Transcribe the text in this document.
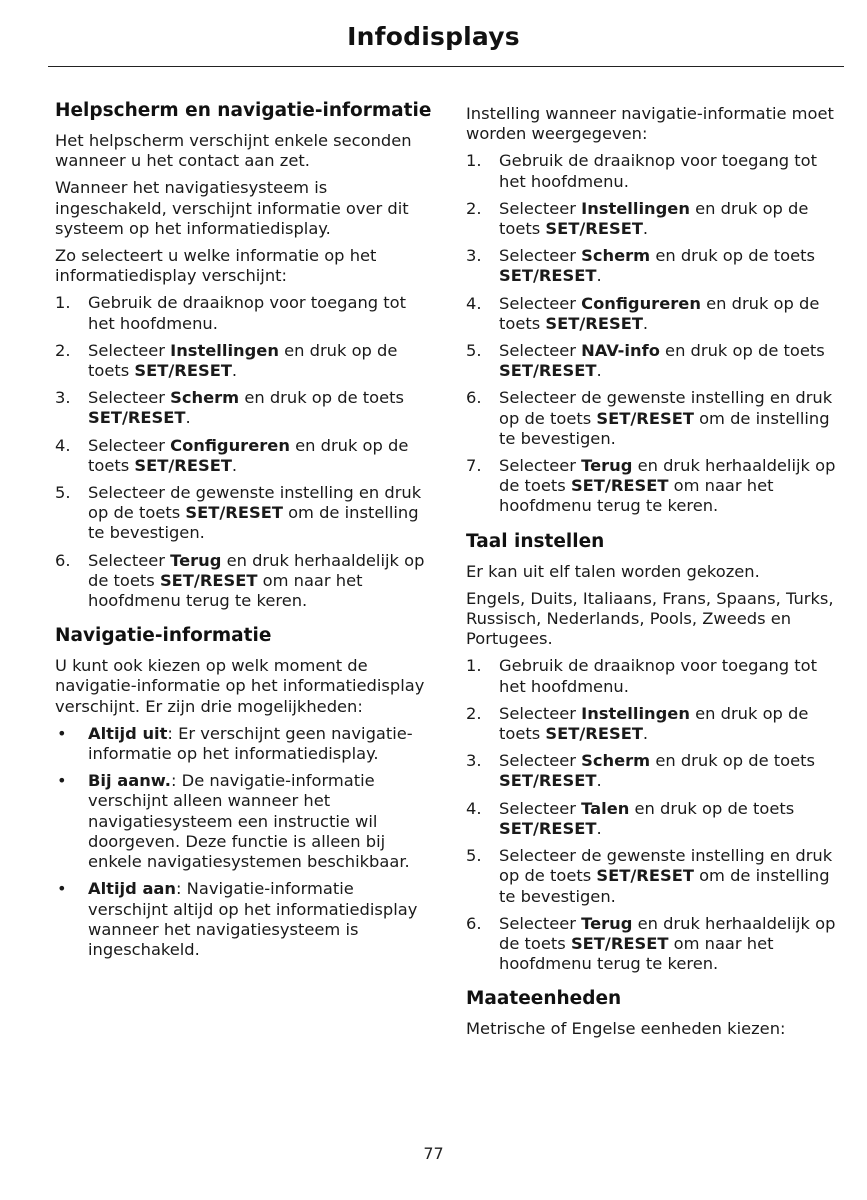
Infodisplays
Helpscherm en navigatie-informatie

Het helpscherm verschijnt enkele seconden wanneer u het contact aan zet.

Wanneer het navigatiesysteem is ingeschakeld, verschijnt informatie over dit systeem op het informatiedisplay.

Zo selecteert u welke informatie op het informatiedisplay verschijnt:

1. Gebruik de draaiknop voor toegang tot het hoofdmenu.
2. Selecteer Instellingen en druk op de toets SET/RESET.
3. Selecteer Scherm en druk op de toets SET/RESET.
4. Selecteer Configureren en druk op de toets SET/RESET.
5. Selecteer de gewenste instelling en druk op de toets SET/RESET om de instelling te bevestigen.
6. Selecteer Terug en druk herhaaldelijk op de toets SET/RESET om naar het hoofdmenu terug te keren.
Navigatie-informatie

U kunt ook kiezen op welk moment de navigatie-informatie op het informatiedisplay verschijnt. Er zijn drie mogelijkheden:

• Altijd uit: Er verschijnt geen navigatie-informatie op het informatiedisplay.
• Bij aanw.: De navigatie-informatie verschijnt alleen wanneer het navigatiesysteem een instructie wil doorgeven. Deze functie is alleen bij enkele navigatiesystemen beschikbaar.
• Altijd aan: Navigatie-informatie verschijnt altijd op het informatiedisplay wanneer het navigatiesysteem is ingeschakeld.

Instelling wanneer navigatie-informatie moet worden weergegeven:

1. Gebruik de draaiknop voor toegang tot het hoofdmenu.
2. Selecteer Instellingen en druk op de toets SET/RESET.
3. Selecteer Scherm en druk op de toets SET/RESET.
4. Selecteer Configureren en druk op de toets SET/RESET.
5. Selecteer NAV-info en druk op de toets SET/RESET.
6. Selecteer de gewenste instelling en druk op de toets SET/RESET om de instelling te bevestigen.
7. Selecteer Terug en druk herhaaldelijk op de toets SET/RESET om naar het hoofdmenu terug te keren.
Taal instellen

Er kan uit elf talen worden gekozen.

Engels, Duits, Italiaans, Frans, Spaans, Turks, Russisch, Nederlands, Pools, Zweeds en Portugees.

1. Gebruik de draaiknop voor toegang tot het hoofdmenu.
2. Selecteer Instellingen en druk op de toets SET/RESET.
3. Selecteer Scherm en druk op de toets SET/RESET.
4. Selecteer Talen en druk op de toets SET/RESET.
5. Selecteer de gewenste instelling en druk op de toets SET/RESET om de instelling te bevestigen.
6. Selecteer Terug en druk herhaaldelijk op de toets SET/RESET om naar het hoofdmenu terug te keren.
Maateenheden

Metrische of Engelse eenheden kiezen:

77
